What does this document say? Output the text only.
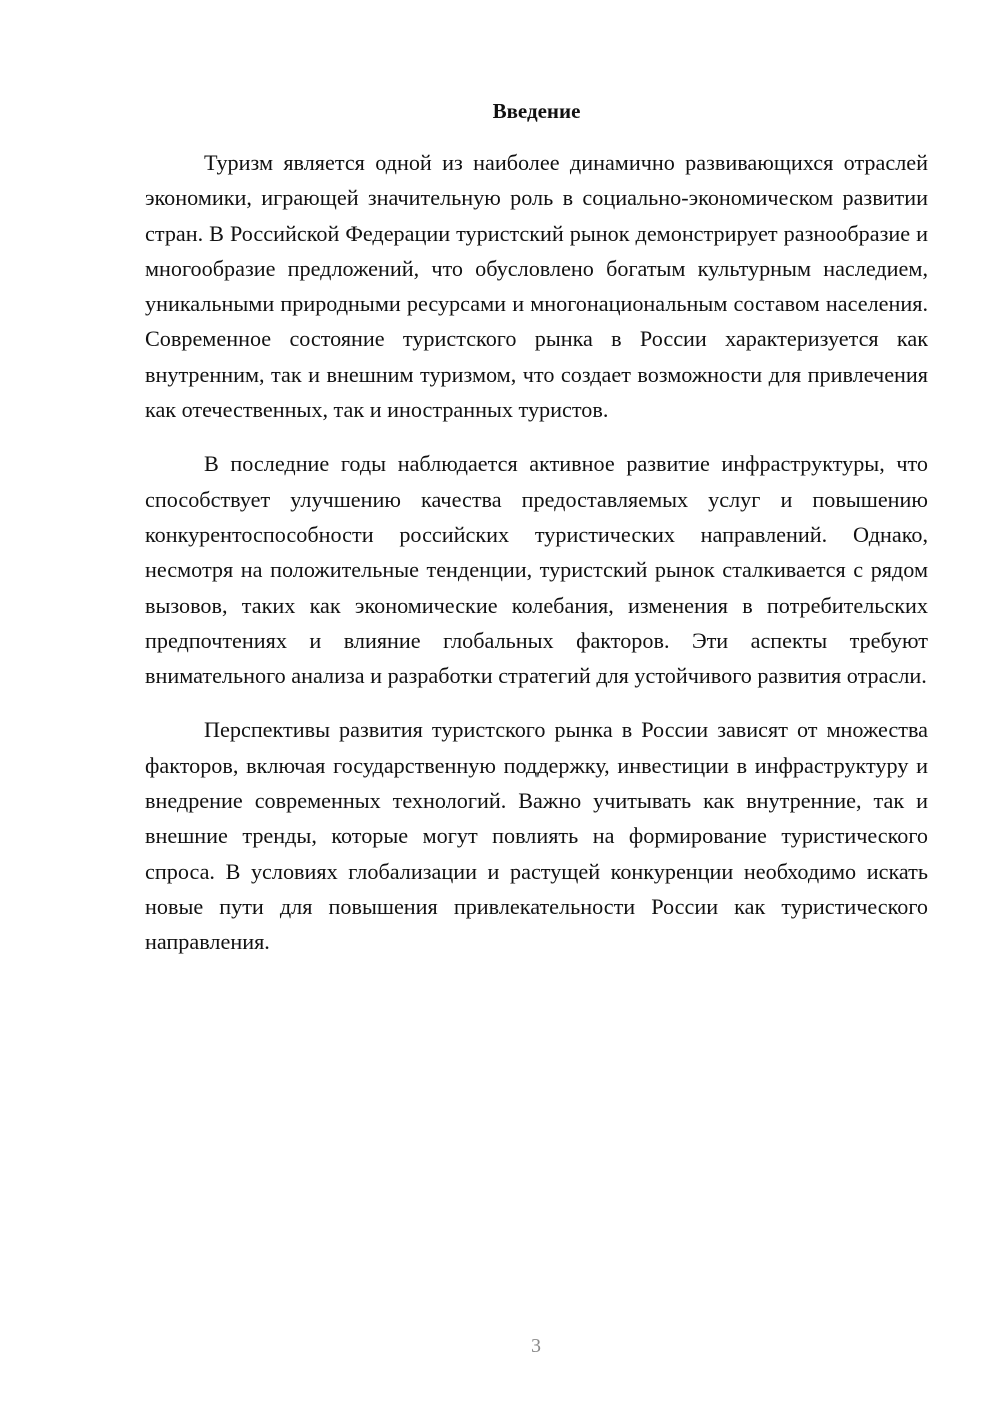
Введение

Туризм является одной из наиболее динамично развивающихся отраслей экономики, играющей значительную роль в социально-экономическом развитии стран. В Российской Федерации туристский рынок демонстрирует разнообразие и многообразие предложений, что обусловлено богатым культурным наследием, уникальными природными ресурсами и многонациональным составом населения. Современное состояние туристского рынка в России характеризуется как внутренним, так и внешним туризмом, что создает возможности для привлечения как отечественных, так и иностранных туристов.

В последние годы наблюдается активное развитие инфраструктуры, что способствует улучшению качества предоставляемых услуг и повышению конкурентоспособности российских туристических направлений. Однако, несмотря на положительные тенденции, туристский рынок сталкивается с рядом вызовов, таких как экономические колебания, изменения в потребительских предпочтениях и влияние глобальных факторов. Эти аспекты требуют внимательного анализа и разработки стратегий для устойчивого развития отрасли.

Перспективы развития туристского рынка в России зависят от множества факторов, включая государственную поддержку, инвестиции в инфраструктуру и внедрение современных технологий. Важно учитывать как внутренние, так и внешние тренды, которые могут повлиять на формирование туристического спроса. В условиях глобализации и растущей конкуренции необходимо искать новые пути для повышения привлекательности России как туристического направления.

3
